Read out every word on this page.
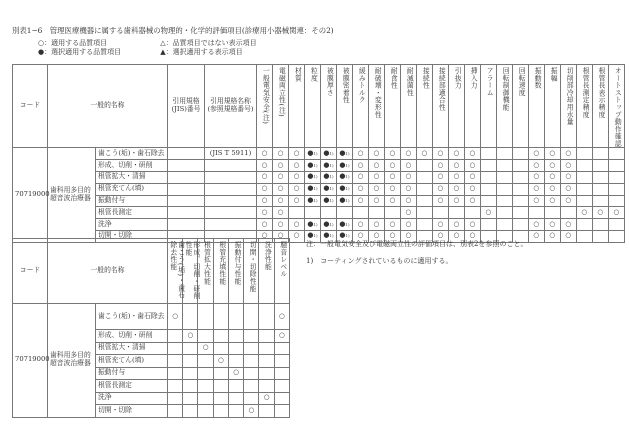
別表1−6　管理医療機器に属する歯科器械の物理的・化学的評価項目(診療用小器械関連：その2)
○：適用する品質項目	△：品質項目ではない表示項目
●：選択適用する品質項目	▲：選択適用する表示項目
コード	一般的名称		引用規格(JIS)番号	引用規格名称(参照規格番号)	一般電気安全(注)	電磁両立性(注)	材質	粒度	被膜厚さ	被膜密着性	緩みトルク	耐破壊・変形性	耐食性	耐滅菌性	接続性	接続部適合性	引抜力	挿入力	アラーム	回転制御機能	回転速度	振動数	振幅	切削部冷却用水量	根管長測定精度	根管長表示精度	オートストップ動作確認

70719000	歯科用多目的超音波治療器	歯こう(垢)・歯石除去		(JIS T 5911)	○	○	○	●1)	●1)	●1)	○	○	○	○	○	○	○	○				○	○	○			
		形成、切削・研削			○	○	○	●1)	●1)	●1)	○	○	○	○		○	○	○				○	○	○			
		根管拡大・清掃			○	○	○	●1)	●1)	●1)	○	○	○	○		○	○	○				○	○	○			
		根管充てん(填)			○	○	○	●1)	●1)	●1)	○	○	○	○		○	○	○				○	○	○			
		振動付与			○	○	○	●1)	●1)	●1)	○	○	○	○		○	○	○				○	○	○			
		根管長測定			○	○								○					○						○	○	○
		洗浄			○	○	○	●1)	●1)	●1)	○	○	○	○		○	○	○				○	○	○			
		切開・切除			○	○	○	●1)	●1)	●1)	○	○	○	○		○	○	○				○	○	○			
コード	一般的名称		歯こう(垢)・歯石除去性能	形成、切削・研削性能	根管拡大性能	根管充填性能	振動付与性能	切開・切除性能	洗浄性能	騒音レベル

70719000	歯科用多目的超音波治療器	歯こう(垢)・歯石除去	○							○
		形成、切削・研削		○						○
		根管拡大・清掃			○					
		根管充てん(填)				○				
		振動付与					○			
		根管長測定								
		洗浄							○	
		切開・切除						○		
注：一般電気安全及び電磁両立性の評価項目は、別表2を参照のこと。
1)　コーティングされているものに適用する。
